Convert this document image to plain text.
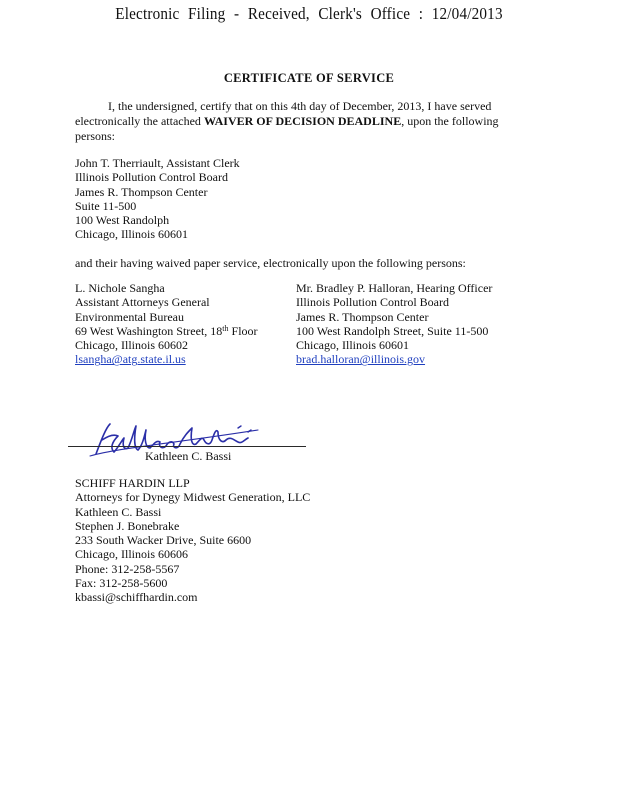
Electronic Filing - Received, Clerk's Office : 12/04/2013
CERTIFICATE OF SERVICE
I, the undersigned, certify that on this 4th day of December, 2013, I have served electronically the attached WAIVER OF DECISION DEADLINE, upon the following persons:
John T. Therriault, Assistant Clerk
Illinois Pollution Control Board
James R. Thompson Center
Suite 11-500
100 West Randolph
Chicago, Illinois 60601
and their having waived paper service, electronically upon the following persons:
L. Nichole Sangha
Assistant Attorneys General
Environmental Bureau
69 West Washington Street, 18th Floor
Chicago, Illinois 60602
lsangha@atg.state.il.us
Mr. Bradley P. Halloran, Hearing Officer
Illinois Pollution Control Board
James R. Thompson Center
100 West Randolph Street, Suite 11-500
Chicago, Illinois 60601
brad.halloran@illinois.gov
Kathleen C. Bassi
SCHIFF HARDIN LLP
Attorneys for Dynegy Midwest Generation, LLC
Kathleen C. Bassi
Stephen J. Bonebrake
233 South Wacker Drive, Suite 6600
Chicago, Illinois 60606
Phone: 312-258-5567
Fax: 312-258-5600
kbassi@schiffhardin.com
